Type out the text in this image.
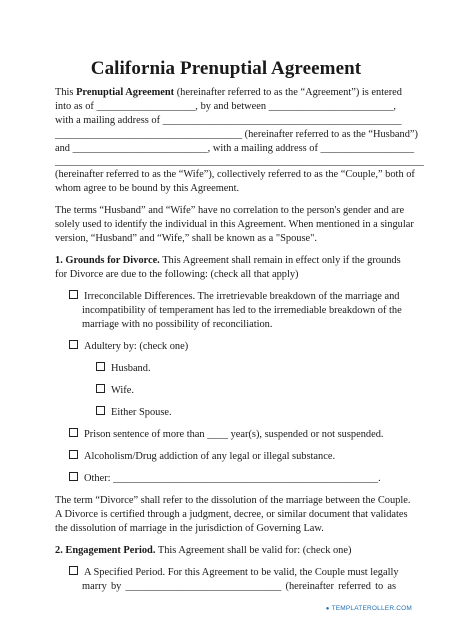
California Prenuptial Agreement
This Prenuptial Agreement (hereinafter referred to as the “Agreement”) is entered
into as of ___________________, by and between ________________________,
with a mailing address of ______________________________________________
____________________________________ (hereinafter referred to as the “Husband”)
and __________________________, with a mailing address of __________________
_______________________________________________________________________
(hereinafter referred to as the “Wife”), collectively referred to as the “Couple,” both of
whom agree to be bound by this Agreement.
The terms “Husband” and “Wife” have no correlation to the person's gender and are
solely used to identify the individual in this Agreement. When mentioned in a singular
version, “Husband” and “Wife,” shall be known as a "Spouse".
1. Grounds for Divorce. This Agreement shall remain in effect only if the grounds
for Divorce are due to the following: (check all that apply)
Irreconcilable Differences. The irretrievable breakdown of the marriage and
incompatibility of temperament has led to the irremediable breakdown of the
marriage with no possibility of reconciliation.
Adultery by: (check one)
Husband.
Wife.
Either Spouse.
Prison sentence of more than ____ year(s), suspended or not suspended.
Alcoholism/Drug addiction of any legal or illegal substance.
Other: ___________________________________________________.
The term “Divorce” shall refer to the dissolution of the marriage between the Couple.
A Divorce is certified through a judgment, decree, or similar document that validates
the dissolution of marriage in the jurisdiction of Governing Law.
2. Engagement Period. This Agreement shall be valid for: (check one)
A Specified Period. For this Agreement to be valid, the Couple must legally
marry by ______________________________ (hereinafter referred to as
● TEMPLATEROLLER.COM
